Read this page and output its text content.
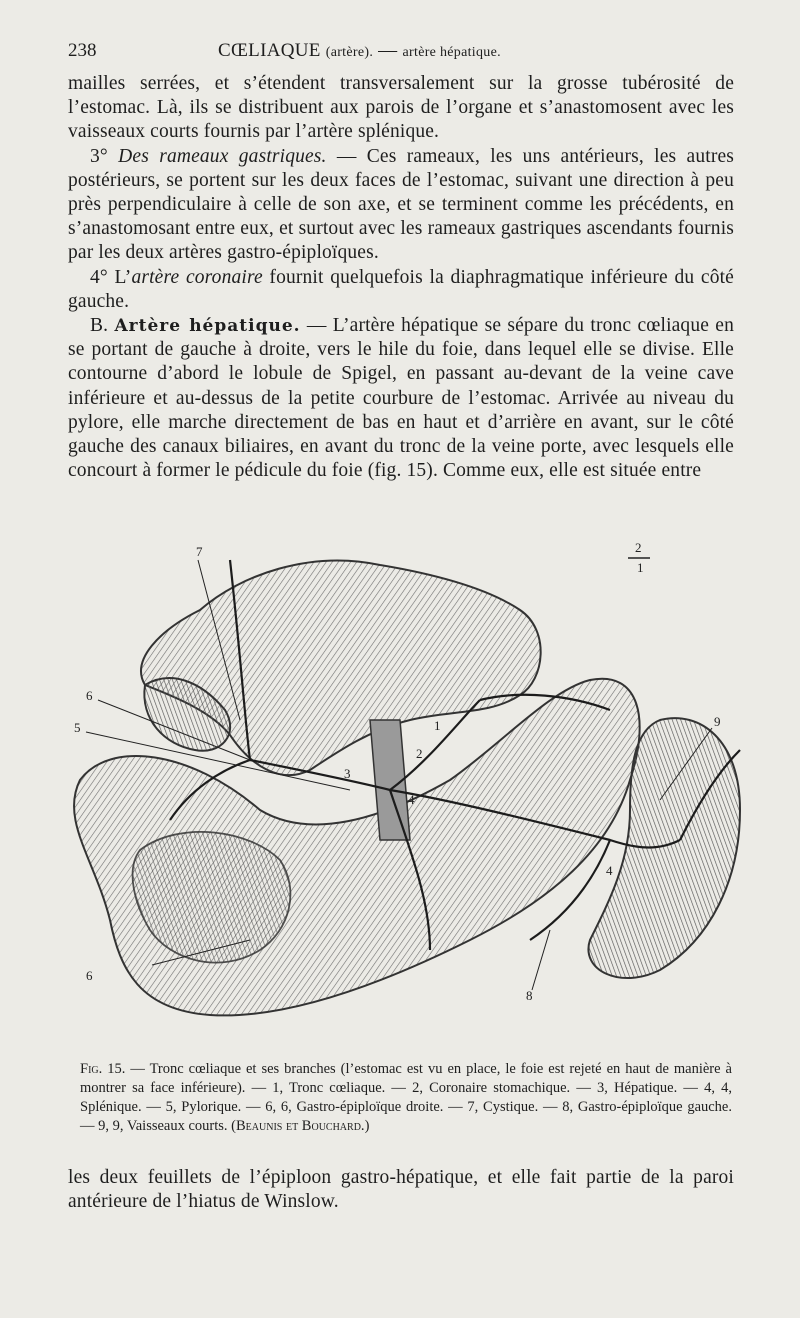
238	CŒLIAQUE (artère). — artère hépatique.

mailles serrées, et s’étendent transversalement sur la grosse tubérosité de l’estomac. Là, ils se distribuent aux parois de l’organe et s’anastomosent avec les vaisseaux courts fournis par l’artère splénique.

3° Des rameaux gastriques. — Ces rameaux, les uns antérieurs, les autres postérieurs, se portent sur les deux faces de l’estomac, suivant une direction à peu près perpendiculaire à celle de son axe, et se terminent comme les précédents, en s’anastomosant entre eux, et surtout avec les rameaux gastriques ascendants fournis par les deux artères gastro-épiploïques.

4° L’artère coronaire fournit quelquefois la diaphragmatique inférieure du côté gauche.

B. Artère hépatique. — L’artère hépatique se sépare du tronc cœliaque en se portant de gauche à droite, vers le hile du foie, dans lequel elle se divise. Elle contourne d’abord le lobule de Spigel, en passant au-devant de la veine cave inférieure et au-dessus de la petite courbure de l’estomac. Arrivée au niveau du pylore, elle marche directement de bas en haut et d’arrière en avant, sur le côté gauche des canaux biliaires, en avant du tronc de la veine porte, avec lesquels elle concourt à former le pédicule du foie (fig. 15). Comme eux, elle est située entre

2
1
7
6
5	1
2
3
4
9
4
6
8
Fig. 15. — Tronc cœliaque et ses branches (l’estomac est vu en place, le foie est rejeté en haut de manière à montrer sa face inférieure). — 1, Tronc cœliaque. — 2, Coronaire stomachique. — 3, Hépatique. — 4, 4, Splénique. — 5, Pylorique. — 6, 6, Gastro-épiploïque droite. — 7, Cystique. — 8, Gastro-épiploïque gauche. — 9, 9, Vaisseaux courts. (Beaunis et Bouchard.)

les deux feuillets de l’épiploon gastro-hépatique, et elle fait partie de la paroi antérieure de l’hiatus de Winslow.
